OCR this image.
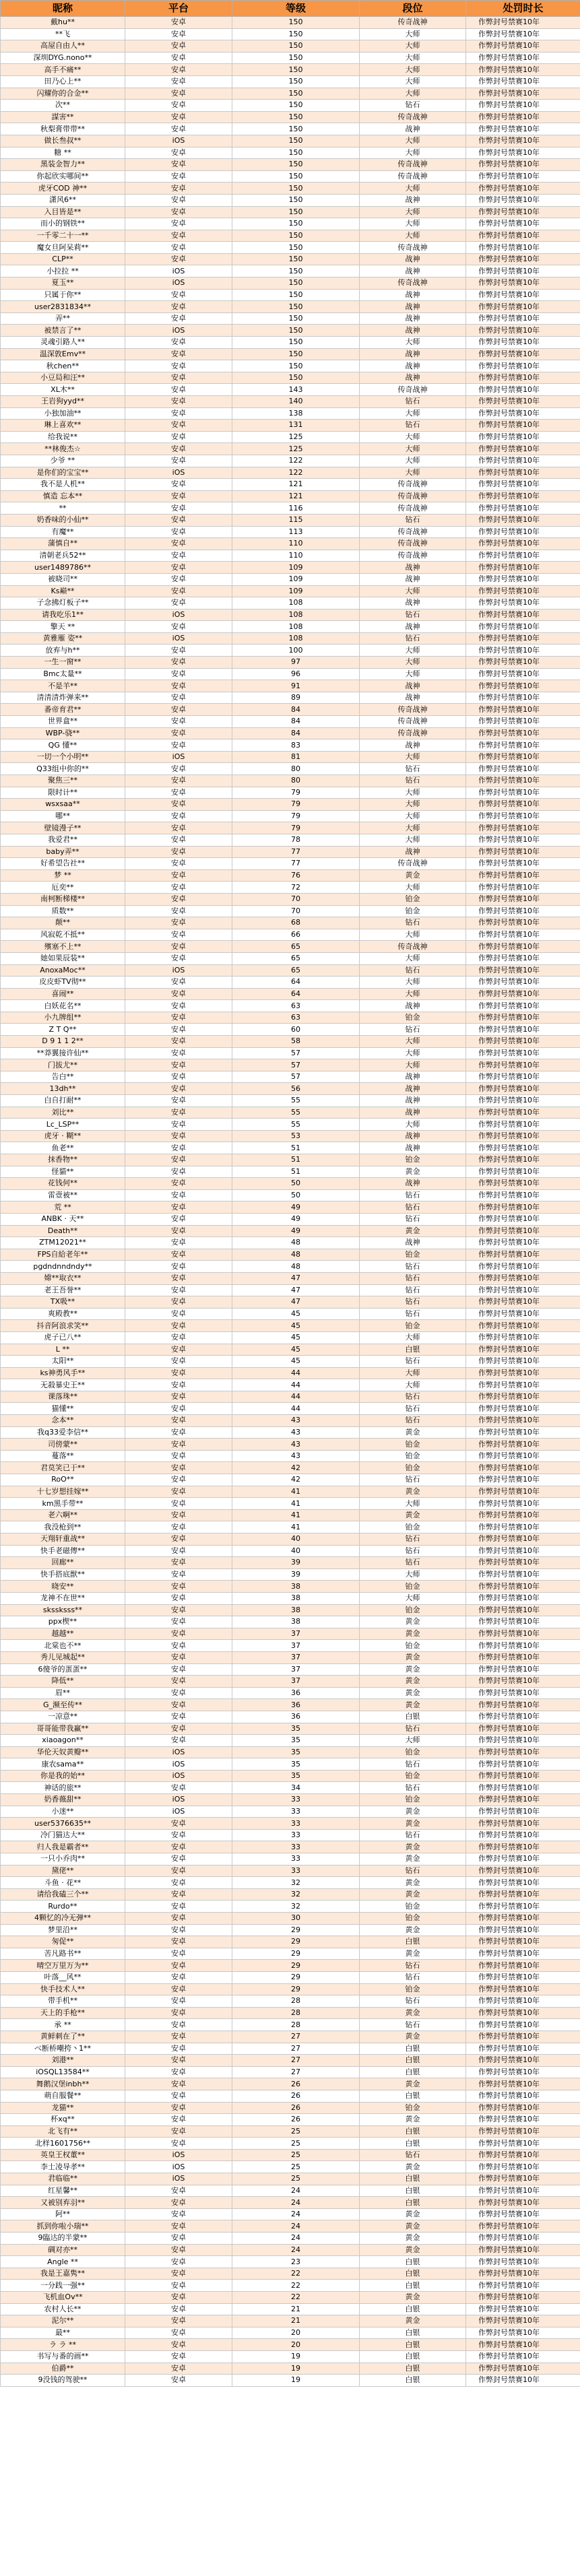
昵称	平台	等级	段位	处罚时长
戴hu**	安卓	150	传奇战神	作弊封号禁赛10年
**飞	安卓	150	大师	作弊封号禁赛10年
高屋自由人**	安卓	150	大师	作弊封号禁赛10年
深圳DYG.nono**	安卓	150	大师	作弊封号禁赛10年
高手不痛**	安卓	150	大师	作弊封号禁赛10年
田乃心上**	安卓	150	大师	作弊封号禁赛10年
闪耀你的合金**	安卓	150	大师	作弊封号禁赛10年
次**	安卓	150	钻石	作弊封号禁赛10年
謀害**	安卓	150	传奇战神	作弊封号禁赛10年
秋梨膏带带**	安卓	150	战神	作弊封号禁赛10年
做长叁叔**	iOS	150	大师	作弊封号禁赛10年
糖 **	安卓	150	大师	作弊封号禁赛10年
黑装金智力**	安卓	150	传奇战神	作弊封号禁赛10年
你起欣实哪间**	安卓	150	传奇战神	作弊封号禁赛10年
虎牙COD 神**	安卓	150	大师	作弊封号禁赛10年
潇风6**	安卓	150	战神	作弊封号禁赛10年
入目皆是**	安卓	150	大师	作弊封号禁赛10年
而小的钢铁**	安卓	150	大师	作弊封号禁赛10年
一千零二十一**	安卓	150	大师	作弊封号禁赛10年
魔女旦阿呆莉**	安卓	150	传奇战神	作弊封号禁赛10年
CLP**	安卓	150	战神	作弊封号禁赛10年
小拉拉 **	iOS	150	战神	作弊封号禁赛10年
夏玉**	iOS	150	传奇战神	作弊封号禁赛10年
只属于你**	安卓	150	战神	作弊封号禁赛10年
user2831834**	安卓	150	战神	作弊封号禁赛10年
弄**	安卓	150	战神	作弊封号禁赛10年
被禁言了**	iOS	150	战神	作弊封号禁赛10年
灵魂引路人**	安卓	150	大师	作弊封号禁赛10年
温深敦Emv**	安卓	150	战神	作弊封号禁赛10年
秋chen**	安卓	150	战神	作弊封号禁赛10年
小豆局和汪**	安卓	150	战神	作弊封号禁赛10年
XL木**	安卓	143	传奇战神	作弊封号禁赛10年
王岩狗yyd**	安卓	140	钻石	作弊封号禁赛10年
小独加油**	安卓	138	大师	作弊封号禁赛10年
琳上喜欢**	安卓	131	钻石	作弊封号禁赛10年
给我说**	安卓	125	大师	作弊封号禁赛10年
**林俊杰☆	安卓	125	大师	作弊封号禁赛10年
少爷 **	安卓	122	大师	作弊封号禁赛10年
是你们的宝宝**	iOS	122	大师	作弊封号禁赛10年
我不是人机**	安卓	121	传奇战神	作弊封号禁赛10年
慎造 忘本**	安卓	121	传奇战神	作弊封号禁赛10年
**	安卓	116	传奇战神	作弊封号禁赛10年
奶香味的小仙**	安卓	115	钻石	作弊封号禁赛10年
有魔**	安卓	113	传奇战神	作弊封号禁赛10年
蒲慎自**	安卓	110	传奇战神	作弊封号禁赛10年
清朝老兵52**	安卓	110	传奇战神	作弊封号禁赛10年
user1489786**	安卓	109	战神	作弊封号禁赛10年
被晓司**	安卓	109	战神	作弊封号禁赛10年
Ks巅**	安卓	109	大师	作弊封号禁赛10年
子念拂灯板子**	安卓	108	战神	作弊封号禁赛10年
请我吃乐1**	iOS	108	钻石	作弊封号禁赛10年
擎天 **	安卓	108	战神	作弊封号禁赛10年
黄雅雁 姿**	iOS	108	钻石	作弊封号禁赛10年
放弃与h**	安卓	100	大师	作弊封号禁赛10年
一生一窗**	安卓	97	大师	作弊封号禁赛10年
Bmc太量**	安卓	96	大师	作弊封号禁赛10年
不是羊**	安卓	91	战神	作弊封号禁赛10年
清清清炸弹来**	安卓	89	战神	作弊封号禁赛10年
番帝育君**	安卓	84	传奇战神	作弊封号禁赛10年
世界盒**	安卓	84	传奇战神	作弊封号禁赛10年
WBP-骁**	安卓	84	传奇战神	作弊封号禁赛10年
QG 懂**	安卓	83	战神	作弊封号禁赛10年
一切一个小明**	iOS	81	大师	作弊封号禁赛10年
Q33组中你的**	安卓	80	钻石	作弊封号禁赛10年
聚焦三**	安卓	80	钻石	作弊封号禁赛10年
限时计**	安卓	79	大师	作弊封号禁赛10年
wsxsaa**	安卓	79	大师	作弊封号禁赛10年
哪**	安卓	79	大师	作弊封号禁赛10年
壁镜漫子**	安卓	79	大师	作弊封号禁赛10年
我爱君**	安卓	78	大师	作弊封号禁赛10年
baby弄**	安卓	77	战神	作弊封号禁赛10年
好希望告社**	安卓	77	传奇战神	作弊封号禁赛10年
梦 **	安卓	76	黄金	作弊封号禁赛10年
厄奕**	安卓	72	大师	作弊封号禁赛10年
南柯断梯楼**	安卓	70	铂金	作弊封号禁赛10年
质数**	安卓	70	铂金	作弊封号禁赛10年
颠**	安卓	68	钻石	作弊封号禁赛10年
风寂乾不抵**	安卓	66	大师	作弊封号禁赛10年
殯塞不上**	安卓	65	传奇战神	作弊封号禁赛10年
她如果辰装**	安卓	65	大师	作弊封号禁赛10年
AnoxaMoc**	iOS	65	钻石	作弊封号禁赛10年
皮皮虾TV彻**	安卓	64	大师	作弊封号禁赛10年
喜闹**	安卓	64	大师	作弊封号禁赛10年
白妖花名**	安卓	63	战神	作弊封号禁赛10年
小九牌组**	安卓	63	铂金	作弊封号禁赛10年
Z T Q**	安卓	60	钻石	作弊封号禁赛10年
D 9 1 1 2**	安卓	58	大师	作弊封号禁赛10年
**莽翼接许仙**	安卓	57	大师	作弊封号禁赛10年
门拔尤**	安卓	57	大师	作弊封号禁赛10年
告白**	安卓	57	战神	作弊封号禁赛10年
13dh**	安卓	56	战神	作弊封号禁赛10年
白自打耐**	安卓	55	战神	作弊封号禁赛10年
刘比**	安卓	55	战神	作弊封号禁赛10年
Lc_LSP**	安卓	55	大师	作弊封号禁赛10年
虎牙 · 糊**	安卓	53	战神	作弊封号禁赛10年
鱼老**	安卓	51	战神	作弊封号禁赛10年
抹香物**	安卓	51	铂金	作弊封号禁赛10年
怪貓**	安卓	51	黄金	作弊封号禁赛10年
花钱何**	安卓	50	战神	作弊封号禁赛10年
雷壹被**	安卓	50	钻石	作弊封号禁赛10年
荒 **	安卓	49	钻石	作弊封号禁赛10年
ANBK · 天**	安卓	49	钻石	作弊封号禁赛10年
Death**	安卓	49	黄金	作弊封号禁赛10年
ZTM12021**	安卓	48	战神	作弊封号禁赛10年
FPS自給老年**	安卓	48	铂金	作弊封号禁赛10年
pgdndnndndy**	安卓	48	钻石	作弊封号禁赛10年
嫦**取衣**	安卓	47	钻石	作弊封号禁赛10年
老王吾誉**	安卓	47	钻石	作弊封号禁赛10年
TX吸**	安卓	47	钻石	作弊封号禁赛10年
爽殿教**	安卓	45	钻石	作弊封号禁赛10年
抖音阿浪求笑**	安卓	45	铂金	作弊封号禁赛10年
虎子已八**	安卓	45	大师	作弊封号禁赛10年
L **	安卓	45	白银	作弊封号禁赛10年
太阳**	安卓	45	钻石	作弊封号禁赛10年
ks神勇风手**	安卓	44	大师	作弊封号禁赛10年
无殺暴史王**	安卓	44	大师	作弊封号禁赛10年
课落珠**	安卓	44	钻石	作弊封号禁赛10年
猫懂**	安卓	44	钻石	作弊封号禁赛10年
念本**	安卓	43	钻石	作弊封号禁赛10年
我q33爱李信**	安卓	43	黄金	作弊封号禁赛10年
司傍蒙**	安卓	43	铂金	作弊封号禁赛10年
蔓落**	安卓	43	铂金	作弊封号禁赛10年
君莫笑已于**	安卓	42	铂金	作弊封号禁赛10年
RoO**	安卓	42	钻石	作弊封号禁赛10年
十七岁想挂嫁**	安卓	41	黄金	作弊封号禁赛10年
km黑手带**	安卓	41	大师	作弊封号禁赛10年
老六啊**	安卓	41	黄金	作弊封号禁赛10年
我没枪到**	安卓	41	铂金	作弊封号禁赛10年
天翔轩重战**	安卓	40	钻石	作弊封号禁赛10年
快手老磁傳**	安卓	40	钻石	作弊封号禁赛10年
回廊**	安卓	39	钻石	作弊封号禁赛10年
快手搭底獣**	安卓	39	大师	作弊封号禁赛10年
晓安**	安卓	38	铂金	作弊封号禁赛10年
龙神不在世**	安卓	38	大师	作弊封号禁赛10年
skssksss**	安卓	38	铂金	作弊封号禁赛10年
ppx楔**	安卓	38	黄金	作弊封号禁赛10年
越越**	安卓	37	黄金	作弊封号禁赛10年
北棠也不**	安卓	37	铂金	作弊封号禁赛10年
秀儿见城起**	安卓	37	黄金	作弊封号禁赛10年
6傻爷的蛋蛋**	安卓	37	黄金	作弊封号禁赛10年
降低**	安卓	37	黄金	作弊封号禁赛10年
眉**	安卓	36	黄金	作弊封号禁赛10年
G_濒至传**	安卓	36	黄金	作弊封号禁赛10年
一凉意**	安卓	36	白银	作弊封号禁赛10年
哥哥能带我赢**	安卓	35	钻石	作弊封号禁赛10年
xiaoagon**	安卓	35	大师	作弊封号禁赛10年
华伦天奴黄瓣**	iOS	35	铂金	作弊封号禁赛10年
康农sama**	iOS	35	钻石	作弊封号禁赛10年
你是我的始**	iOS	35	铂金	作弊封号禁赛10年
神话的旅**	安卓	34	钻石	作弊封号禁赛10年
奶香薇甜**	iOS	33	铂金	作弊封号禁赛10年
小迷**	iOS	33	黄金	作弊封号禁赛10年
user5376635**	安卓	33	黄金	作弊封号禁赛10年
冷门猫达大**	安卓	33	钻石	作弊封号禁赛10年
归人我是霸者**	安卓	33	黄金	作弊封号禁赛10年
一只小乔肉**	安卓	33	黄金	作弊封号禁赛10年
黛佬**	安卓	33	钻石	作弊封号禁赛10年
斗鱼 · 花**	安卓	32	黄金	作弊封号禁赛10年
请给我磕三个**	安卓	32	黄金	作弊封号禁赛10年
Rurdo**	安卓	32	铂金	作弊封号禁赛10年
4颗忆的冷无弹**	安卓	30	铂金	作弊封号禁赛10年
梦里沿**	安卓	29	黄金	作弊封号禁赛10年
匆促**	安卓	29	白银	作弊封号禁赛10年
苦凡路书**	安卓	29	黄金	作弊封号禁赛10年
晴空万里万为**	安卓	29	钻石	作弊封号禁赛10年
叶落__风**	安卓	29	钻石	作弊封号禁赛10年
快手技术人**	安卓	29	铂金	作弊封号禁赛10年
带手机**	安卓	28	钻石	作弊封号禁赛10年
天上的手枪**	安卓	28	黄金	作弊封号禁赛10年
承 **	安卓	28	钻石	作弊封号禁赛10年
黄鲜刺在了**	安卓	27	黄金	作弊封号禁赛10年
べ断桥嘲挎丶1**	安卓	27	白银	作弊封号禁赛10年
刘港**	安卓	27	白银	作弊封号禁赛10年
iOSQL13584**	安卓	27	白银	作弊封号禁赛10年
舞鹅汉堡inbh**	安卓	26	黄金	作弊封号禁赛10年
萌自服餐**	安卓	26	白银	作弊封号禁赛10年
龙猫**	安卓	26	铂金	作弊封号禁赛10年
杯xq**	安卓	26	黄金	作弊封号禁赛10年
北飞有**	安卓	25	白银	作弊封号禁赛10年
北样1601756**	安卓	25	白银	作弊封号禁赛10年
英皇王权董**	iOS	25	钻石	作弊封号禁赛10年
李士凌导孝**	iOS	25	黄金	作弊封号禁赛10年
君临临**	iOS	25	白银	作弊封号禁赛10年
红星馨**	安卓	24	白银	作弊封号禁赛10年
又被别弃羽**	安卓	24	白银	作弊封号禁赛10年
阿**	安卓	24	黄金	作弊封号禁赛10年
抓到你啦小瑞**	安卓	24	黄金	作弊封号禁赛10年
9臨达的半蒙**	安卓	24	黄金	作弊封号禁赛10年
碉对亦**	安卓	24	黄金	作弊封号禁赛10年
Angle **	安卓	23	白银	作弊封号禁赛10年
我是王嘉隽**	安卓	22	白银	作弊封号禁赛10年
一分践一强**	安卓	22	白银	作弊封号禁赛10年
飞机血Ov**	安卓	22	黄金	作弊封号禁赛10年
农村人长**	安卓	21	白银	作弊封号禁赛10年
泥尔**	安卓	21	黄金	作弊封号禁赛10年
最**	安卓	20	白银	作弊封号禁赛10年
ラ ラ **	安卓	20	白银	作弊封号禁赛10年
书写与番的画**	安卓	19	白银	作弊封号禁赛10年
伯爵**	安卓	19	白银	作弊封号禁赛10年
9没钱的驾驶**	安卓	19	白银	作弊封号禁赛10年
